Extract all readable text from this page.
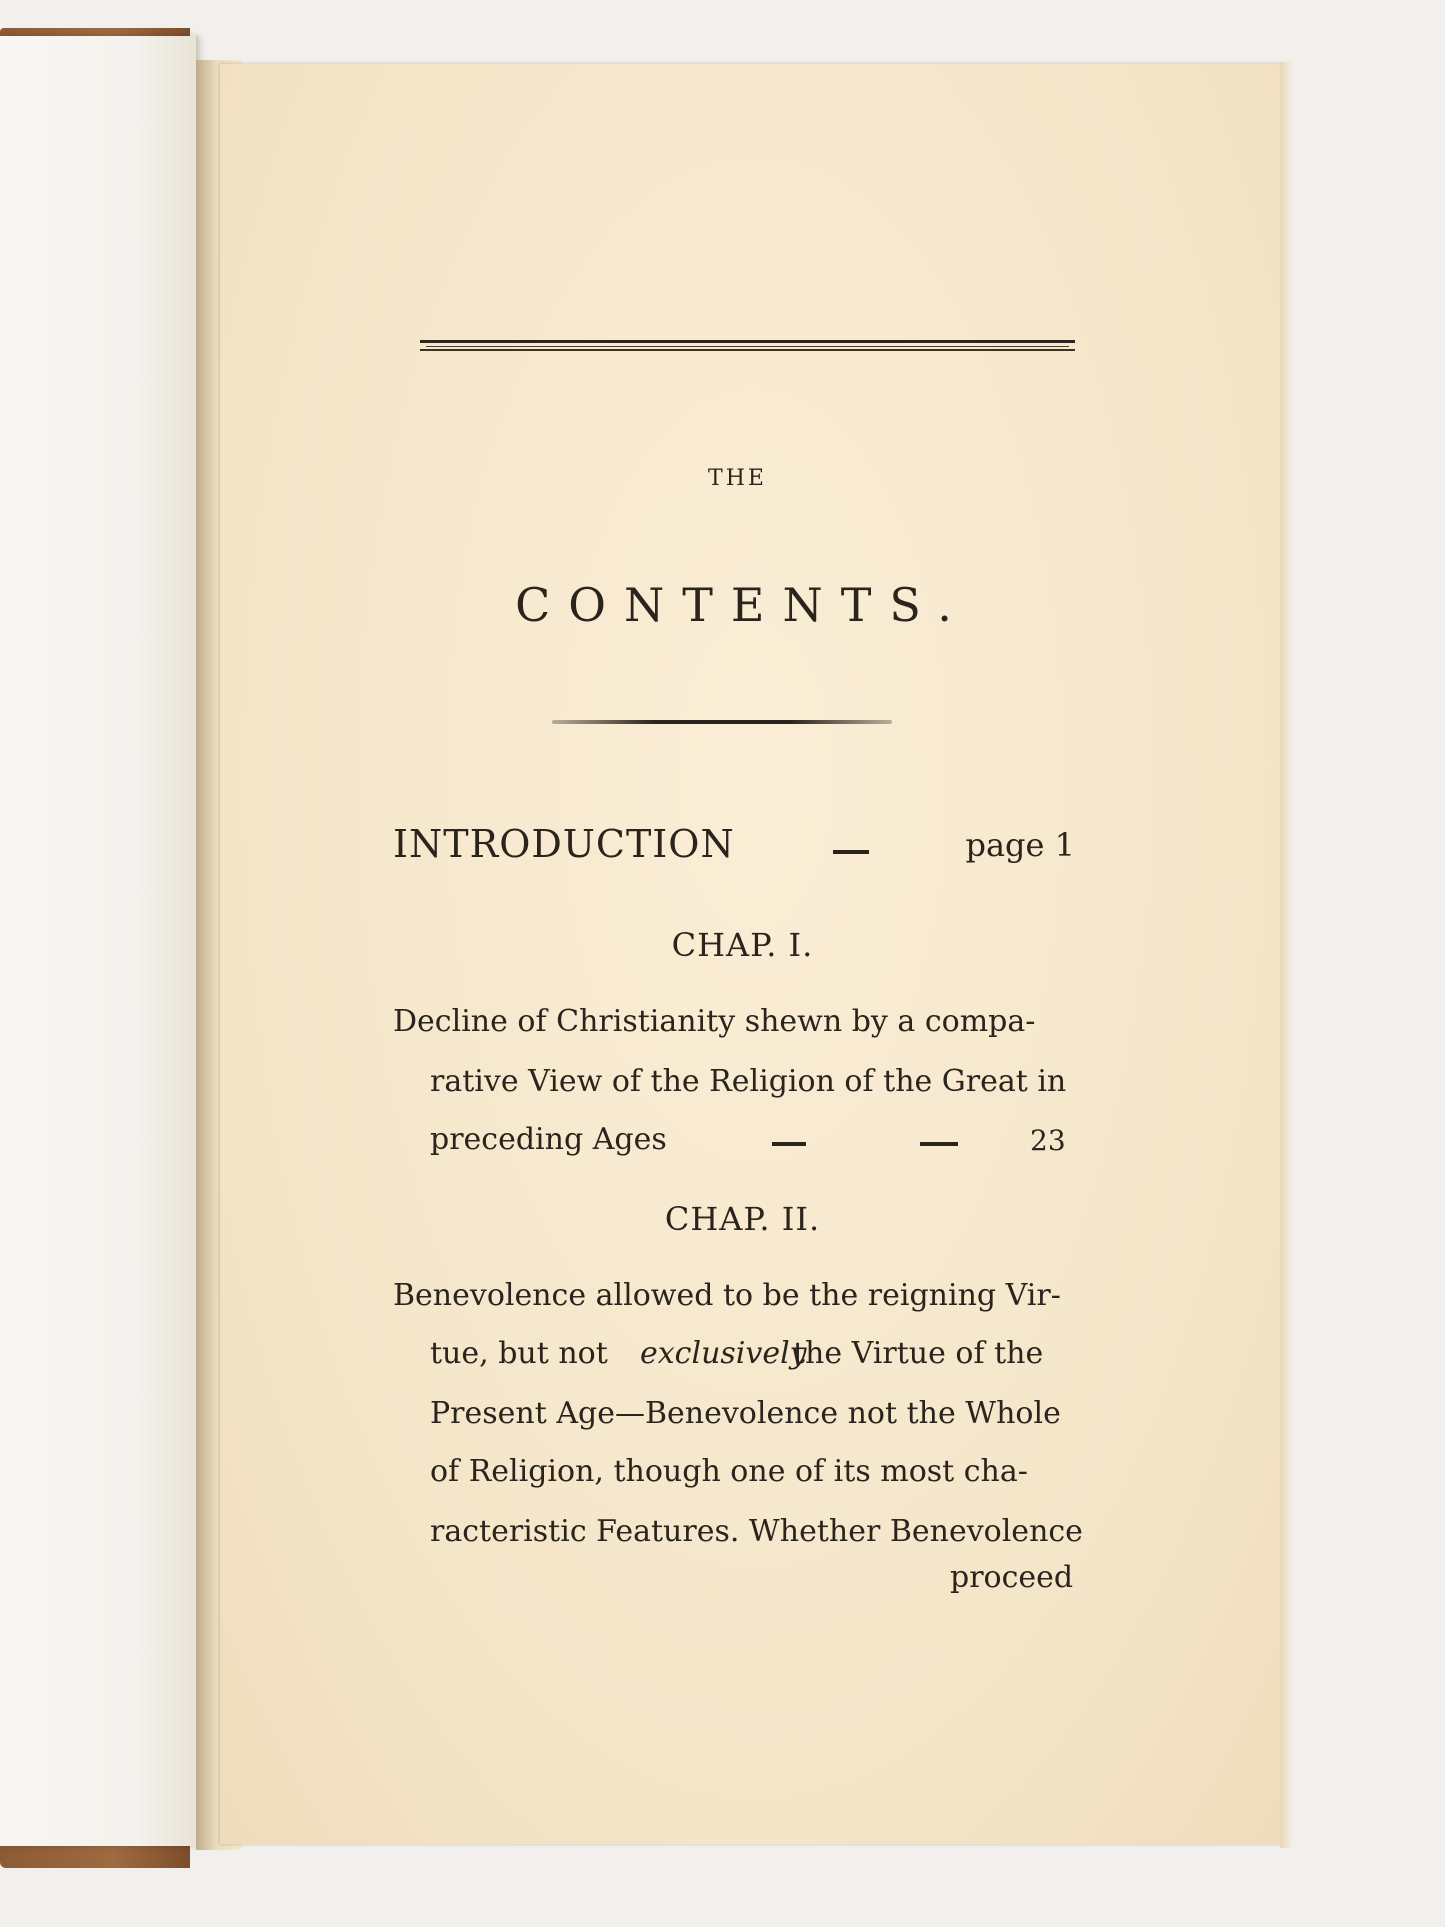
THE
CONTENTS.
INTRODUCTION	page 1
CHAP. I.
Decline of Christianity shewn by a compa-
rative View of the Religion of the Great in
preceding Ages	23
CHAP. II.
Benevolence allowed to be the reigning Vir-
tue, but not exclusively
the Virtue of the
Present Age—Benevolence not the Whole
of Religion, though one of its most cha-
racteristic Features. Whether Benevolence
proceed
